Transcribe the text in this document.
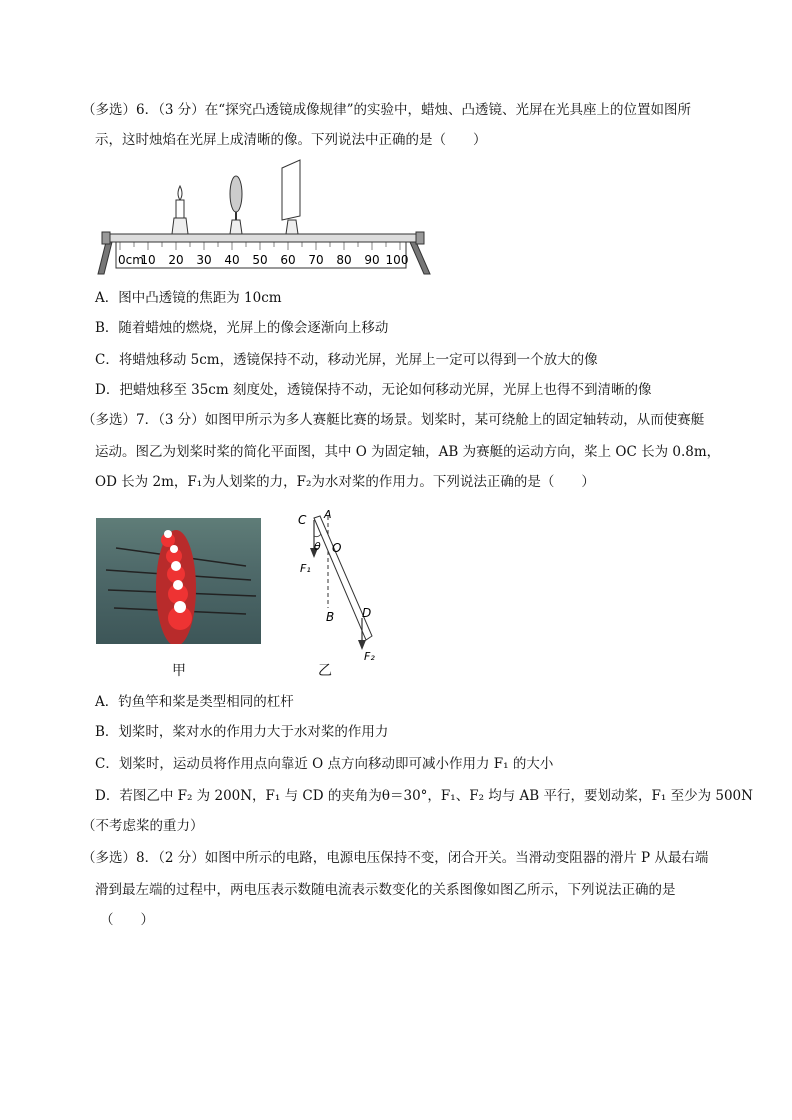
（多选）6．（3 分）在“探究凸透镜成像规律”的实验中，蜡烛、凸透镜、光屏在光具座上的位置如图所
示，这时烛焰在光屏上成清晰的像。下列说法中正确的是（　　）
0cm
10 20 30 40 50 60 70 80 90 100
A．图中凸透镜的焦距为 10cm
B．随着蜡烛的燃烧，光屏上的像会逐渐向上移动
C．将蜡烛移动 5cm，透镜保持不动，移动光屏，光屏上一定可以得到一个放大的像
D．把蜡烛移至 35cm 刻度处，透镜保持不动，无论如何移动光屏，光屏上也得不到清晰的像
（多选）7．（3 分）如图甲所示为多人赛艇比赛的场景。划桨时，某可绕舱上的固定轴转动，从而使赛艇
运动。图乙为划桨时桨的简化平面图，其中 O 为固定轴，AB 为赛艇的运动方向，桨上 OC 长为 0.8m，
OD 长为 2m，F₁为人划桨的力，F₂为水对桨的作用力。下列说法正确的是（　　）
甲
C A
θ O
F₁
B D
F₂
乙
A．钓鱼竿和桨是类型相同的杠杆
B．划桨时，桨对水的作用力大于水对桨的作用力
C．划桨时，运动员将作用点向靠近 O 点方向移动即可减小作用力 F₁ 的大小
D．若图乙中 F₂ 为 200N，F₁ 与 CD 的夹角为θ＝30°，F₁、F₂ 均与 AB 平行，要划动桨，F₁ 至少为 500N
（不考虑桨的重力）
（多选）8．（2 分）如图中所示的电路，电源电压保持不变，闭合开关。当滑动变阻器的滑片 P 从最右端
滑到最左端的过程中，两电压表示数随电流表示数变化的关系图像如图乙所示，下列说法正确的是
（　　）
